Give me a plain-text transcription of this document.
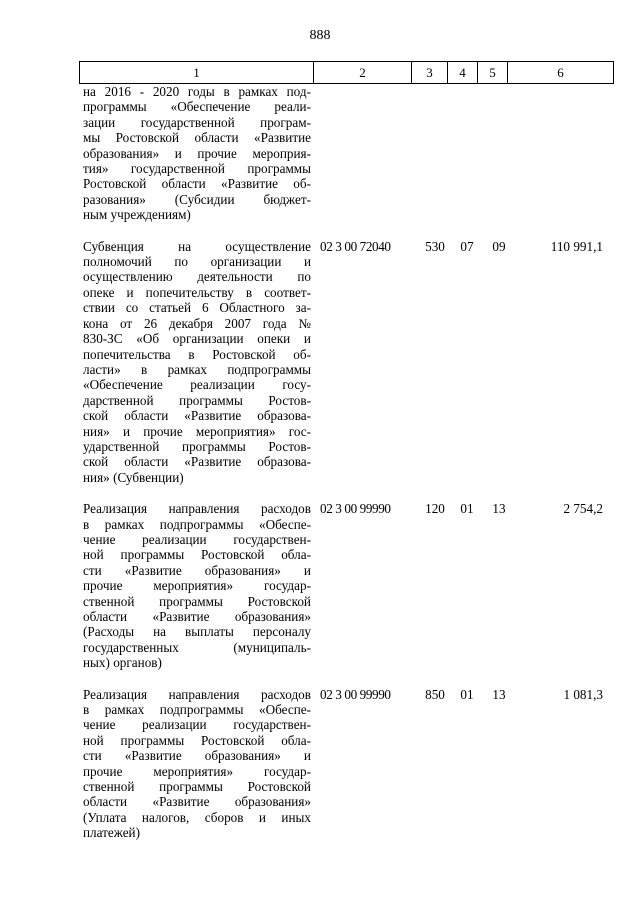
888
1	2	3	4	5	6
на 2016 - 2020 годы в рамках под-
программы «Обеспечение реали-
зации государственной програм-
мы Ростовской области «Развитие
образования» и прочие мероприя-
тия» государственной программы
Ростовской области «Развитие об-
разования» (Субсидии бюджет-
ным учреждениям)
Субвенция на осуществление
полномочий по организации и
осуществлению деятельности по
опеке и попечительству в соответ-
ствии со статьей 6 Областного за-
кона от 26 декабря 2007 года №
830-ЗС «Об организации опеки и
попечительства в Ростовской об-
ласти» в рамках подпрограммы
«Обеспечение реализации госу-
дарственной программы Ростов-
ской области «Развитие образова-
ния» и прочие мероприятия» гос-
ударственной программы Ростов-
ской области «Развитие образова-
ния» (Субвенции)
02 3 00 72040	530	07	09	110 991,1
Реализация направления расходов
в рамках подпрограммы «Обеспе-
чение реализации государствен-
ной программы Ростовской обла-
сти «Развитие образования» и
прочие мероприятия» государ-
ственной программы Ростовской
области «Развитие образования»
(Расходы на выплаты персоналу
государственных (муниципаль-
ных) органов)
02 3 00 99990	120	01	13	2 754,2
Реализация направления расходов
в рамках подпрограммы «Обеспе-
чение реализации государствен-
ной программы Ростовской обла-
сти «Развитие образования» и
прочие мероприятия» государ-
ственной программы Ростовской
области «Развитие образования»
(Уплата налогов, сборов и иных
платежей)
02 3 00 99990	850	01	13	1 081,3
